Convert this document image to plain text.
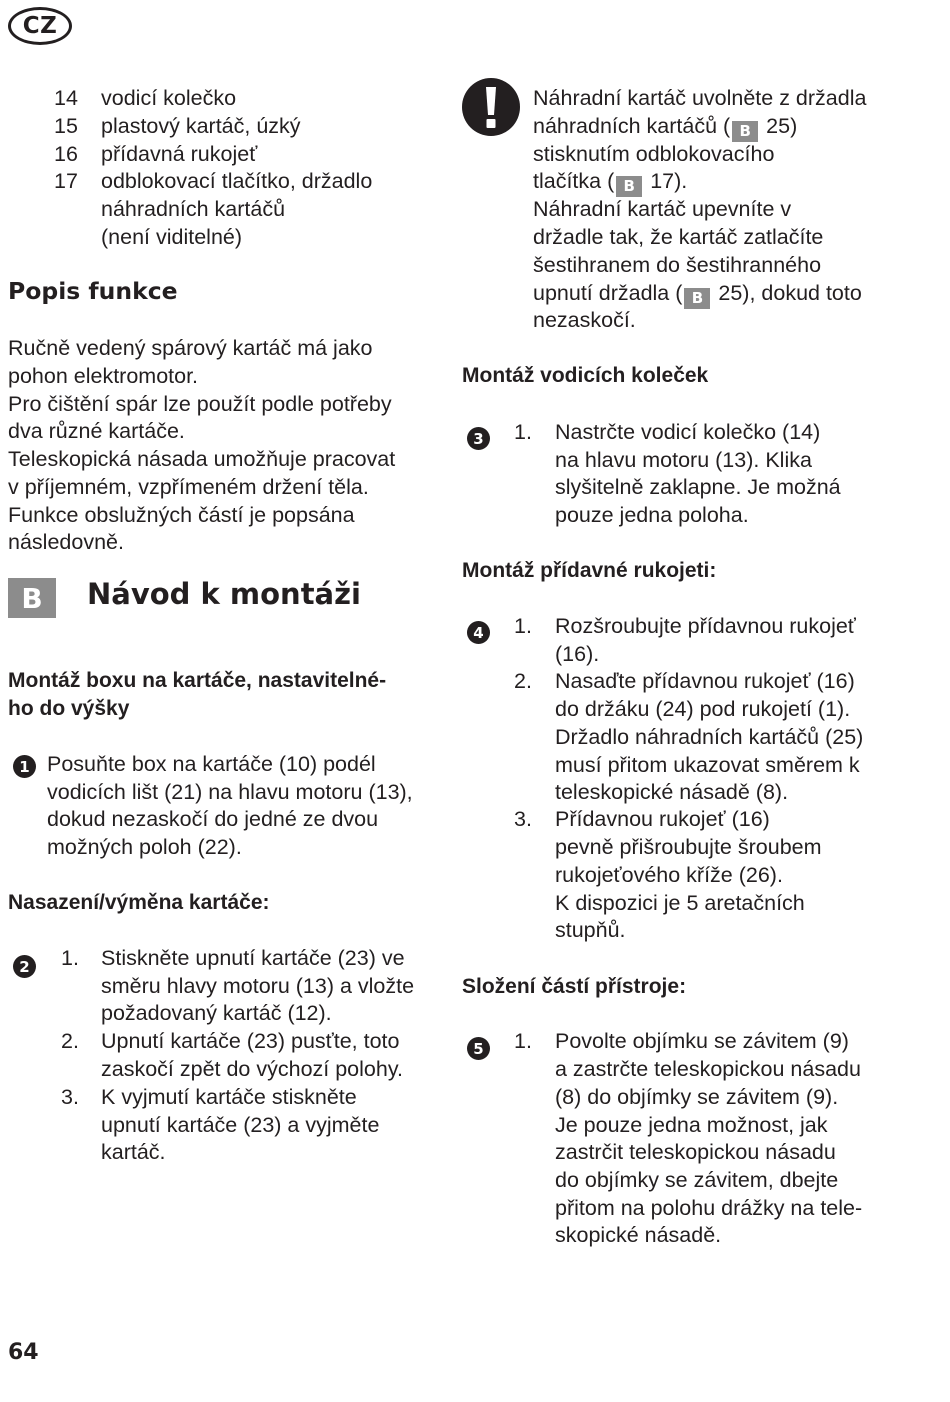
CZ
14 vodicí kolečko
15 plastový kartáč, úzký
16 přídavná rukojeť
17 odblokovací tlačítko, držadlo
náhradních kartáčů
(není viditelné)
Popis funkce
Ručně vedený spárový kartáč má jako
pohon elektromotor.
Pro čištění spár lze použít podle potřeby
dva různé kartáče.
Teleskopická násada umožňuje pracovat
v příjemném, vzpřímeném držení těla.
Funkce obslužných částí je popsána
následovně.
B	Návod k montáži
Montáž boxu na kartáče, nastavitelné-
ho do výšky
1 Posuňte box na kartáče (10) podél
vodicích lišt (21) na hlavu motoru (13),
dokud nezaskočí do jedné ze dvou
možných poloh (22).
Nasazení/výměna kartáče:
2 1. Stiskněte upnutí kartáče (23) ve
směru hlavy motoru (13) a vložte
požadovaný kartáč (12).
2. Upnutí kartáče (23) pusťte, toto
zaskočí zpět do výchozí polohy.
3. K vyjmutí kartáče stiskněte
upnutí kartáče (23) a vyjměte
kartáč.
Náhradní kartáč uvolněte z držadla
náhradních kartáčů ( B 25)
stisknutím odblokovacího
tlačítka ( B 17).
Náhradní kartáč upevníte v
držadle tak, že kartáč zatlačíte
šestihranem do šestihranného
upnutí držadla ( B 25), dokud toto
nezaskočí.
Montáž vodicích koleček
3 1. Nastrčte vodicí kolečko (14)
na hlavu motoru (13). Klika
slyšitelně zaklapne. Je možná
pouze jedna poloha.
Montáž přídavné rukojeti:
4 1. Rozšroubujte přídavnou rukojeť
(16).
2. Nasaďte přídavnou rukojeť (16)
do držáku (24) pod rukojetí (1).
Držadlo náhradních kartáčů (25)
musí přitom ukazovat směrem k
teleskopické násadě (8).
3. Přídavnou rukojeť (16)
pevně přišroubujte šroubem
rukojeťového kříže (26).
K dispozici je 5 aretačních
stupňů.
Složení částí přístroje:
5 1. Povolte objímku se závitem (9)
a zastrčte teleskopickou násadu
(8) do objímky se závitem (9).
Je pouze jedna možnost, jak
zastrčit teleskopickou násadu
do objímky se závitem, dbejte
přitom na polohu drážky na tele-
skopické násadě.
64
